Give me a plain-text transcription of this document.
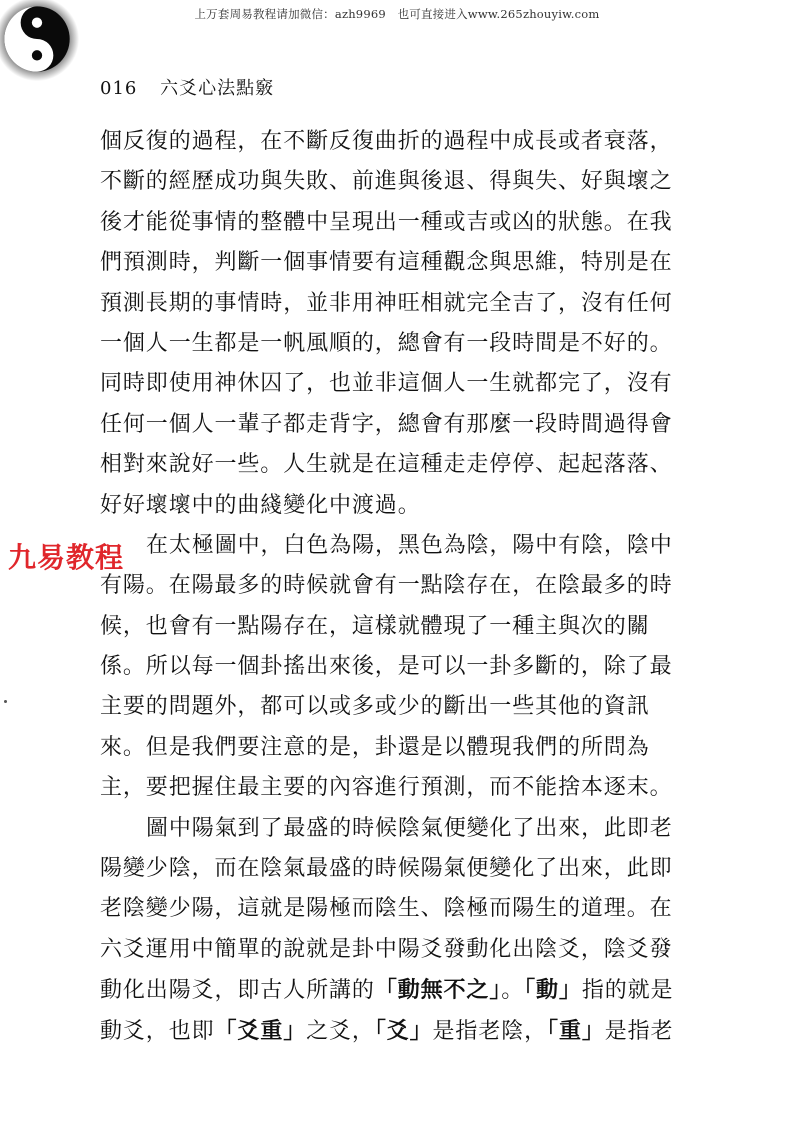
上万套周易教程请加微信：azh9969　也可直接进入www.265zhouyiw.com
016 六爻心法點竅
個反復的過程，在不斷反復曲折的過程中成長或者衰落，
不斷的經歷成功與失敗、前進與後退、得與失、好與壞之
後才能從事情的整體中呈現出一種或吉或凶的狀態。在我
們預測時，判斷一個事情要有這種觀念與思維，特別是在
預測長期的事情時，並非用神旺相就完全吉了，沒有任何
一個人一生都是一帆風順的，總會有一段時間是不好的。
同時即使用神休囚了，也並非這個人一生就都完了，沒有
任何一個人一輩子都走背字，總會有那麼一段時間過得會
相對來說好一些。人生就是在這種走走停停、起起落落、
好好壞壞中的曲綫變化中渡過。
在太極圖中，白色為陽，黑色為陰，陽中有陰，陰中
有陽。在陽最多的時候就會有一點陰存在，在陰最多的時
候，也會有一點陽存在，這樣就體現了一種主與次的關
係。所以每一個卦搖出來後，是可以一卦多斷的，除了最
主要的問題外，都可以或多或少的斷出一些其他的資訊
來。但是我們要注意的是，卦還是以體現我們的所問為
主，要把握住最主要的內容進行預測，而不能捨本逐末。
圖中陽氣到了最盛的時候陰氣便變化了出來，此即老
陽變少陰，而在陰氣最盛的時候陽氣便變化了出來，此即
老陰變少陽，這就是陽極而陰生、陰極而陽生的道理。在
六爻運用中簡單的說就是卦中陽爻發動化出陰爻，陰爻發
動化出陽爻，即古人所講的「動無不之」。「動」指的就是
動爻，也即「爻重」之爻，「爻」是指老陰，「重」是指老
九易教程
